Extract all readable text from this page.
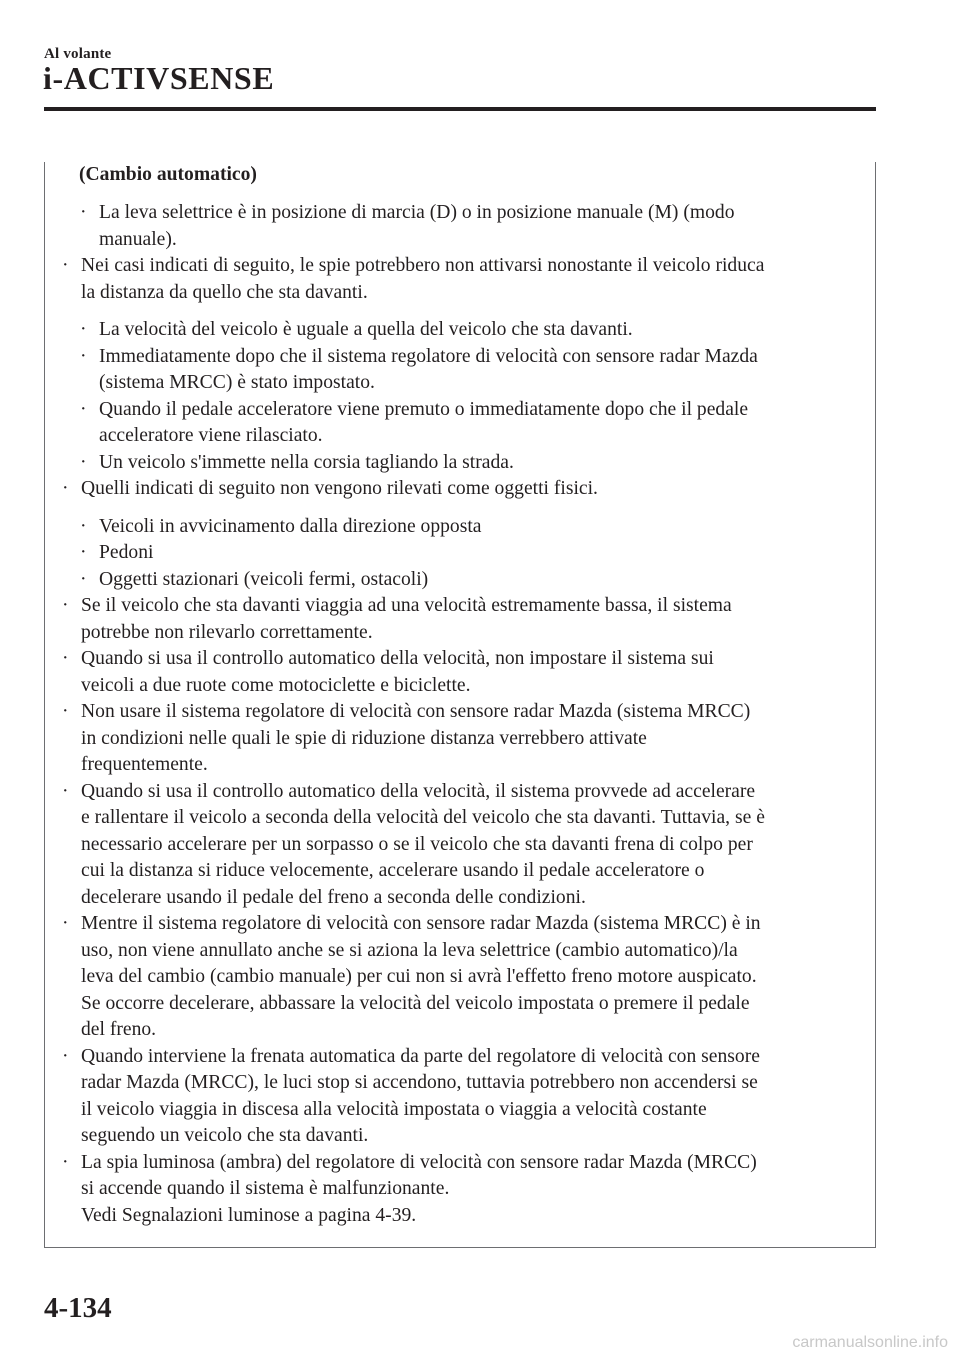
Al volante
i-ACTIVSENSE
(Cambio automatico)
· La leva selettrice è in posizione di marcia (D) o in posizione manuale (M) (modo
manuale).
· Nei casi indicati di seguito, le spie potrebbero non attivarsi nonostante il veicolo riduca
la distanza da quello che sta davanti.
· La velocità del veicolo è uguale a quella del veicolo che sta davanti.
· Immediatamente dopo che il sistema regolatore di velocità con sensore radar Mazda
(sistema MRCC) è stato impostato.
· Quando il pedale acceleratore viene premuto o immediatamente dopo che il pedale
acceleratore viene rilasciato.
· Un veicolo s'immette nella corsia tagliando la strada.
· Quelli indicati di seguito non vengono rilevati come oggetti fisici.
· Veicoli in avvicinamento dalla direzione opposta
· Pedoni
· Oggetti stazionari (veicoli fermi, ostacoli)
· Se il veicolo che sta davanti viaggia ad una velocità estremamente bassa, il sistema
potrebbe non rilevarlo correttamente.
· Quando si usa il controllo automatico della velocità, non impostare il sistema sui
veicoli a due ruote come motociclette e biciclette.
· Non usare il sistema regolatore di velocità con sensore radar Mazda (sistema MRCC)
in condizioni nelle quali le spie di riduzione distanza verrebbero attivate
frequentemente.
· Quando si usa il controllo automatico della velocità, il sistema provvede ad accelerare
e rallentare il veicolo a seconda della velocità del veicolo che sta davanti. Tuttavia, se è
necessario accelerare per un sorpasso o se il veicolo che sta davanti frena di colpo per
cui la distanza si riduce velocemente, accelerare usando il pedale acceleratore o
decelerare usando il pedale del freno a seconda delle condizioni.
· Mentre il sistema regolatore di velocità con sensore radar Mazda (sistema MRCC) è in
uso, non viene annullato anche se si aziona la leva selettrice (cambio automatico)/la
leva del cambio (cambio manuale) per cui non si avrà l'effetto freno motore auspicato.
Se occorre decelerare, abbassare la velocità del veicolo impostata o premere il pedale
del freno.
· Quando interviene la frenata automatica da parte del regolatore di velocità con sensore
radar Mazda (MRCC), le luci stop si accendono, tuttavia potrebbero non accendersi se
il veicolo viaggia in discesa alla velocità impostata o viaggia a velocità costante
seguendo un veicolo che sta davanti.
· La spia luminosa (ambra) del regolatore di velocità con sensore radar Mazda (MRCC)
si accende quando il sistema è malfunzionante.
Vedi Segnalazioni luminose a pagina 4-39.
4-134
carmanualsonline.info
